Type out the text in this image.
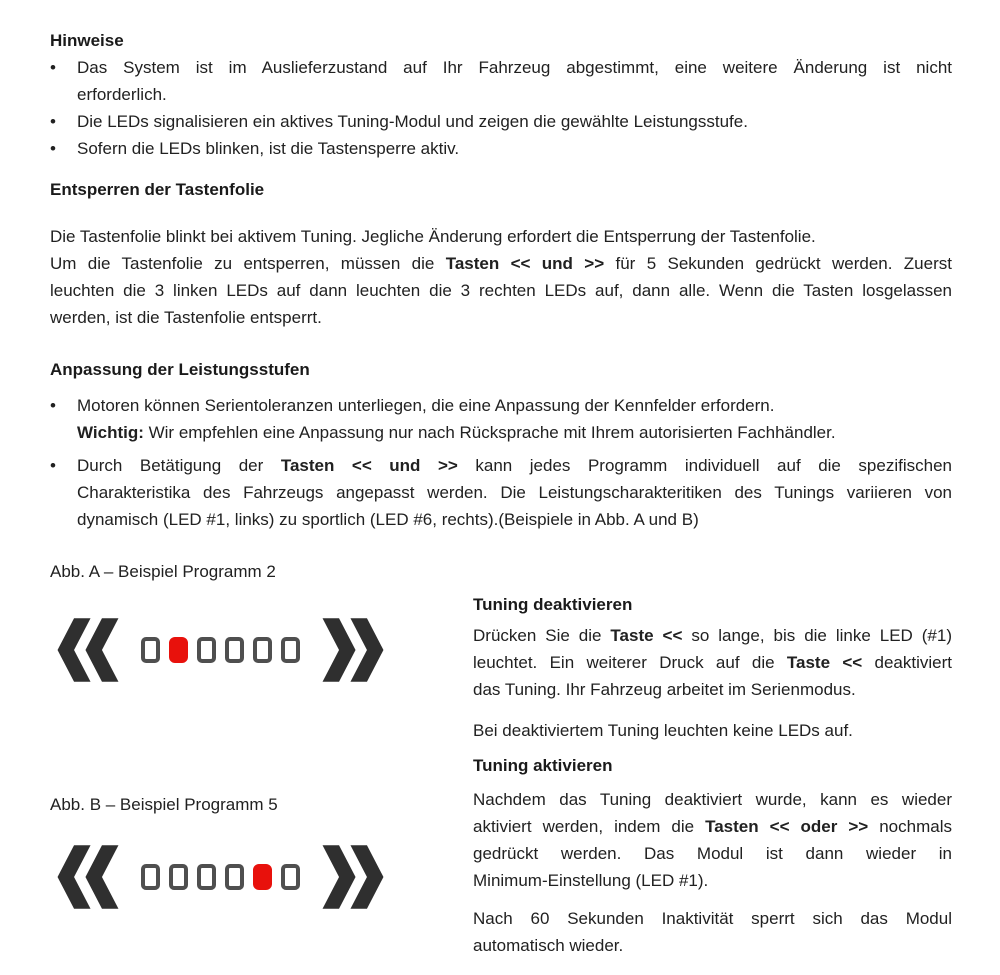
Hinweise
•
Das System ist im Auslieferzustand auf Ihr Fahrzeug abgestimmt, eine weitere Änderung ist nicht
erforderlich.
•
Die LEDs signalisieren ein aktives Tuning-Modul und zeigen die gewählte Leistungsstufe.
•
Sofern die LEDs blinken, ist die Tastensperre aktiv.
Entsperren der Tastenfolie
Die Tastenfolie blinkt bei aktivem Tuning. Jegliche Änderung erfordert die Entsperrung der Tastenfolie.
Um die Tastenfolie zu entsperren, müssen die Tasten << und >> für 5 Sekunden gedrückt werden. Zuerst
leuchten die 3 linken LEDs auf dann leuchten die 3 rechten LEDs auf, dann alle. Wenn die Tasten losgelassen
werden, ist die Tastenfolie entsperrt.
Anpassung der Leistungsstufen
•
Motoren können Serientoleranzen unterliegen, die eine Anpassung der Kennfelder erfordern.
Wichtig: Wir empfehlen eine Anpassung nur nach Rücksprache mit Ihrem autorisierten Fachhändler.
•
Durch Betätigung der Tasten << und >> kann jedes Programm individuell auf die spezifischen
Charakteristika des Fahrzeugs angepasst werden. Die Leistungscharakteritiken des Tunings variieren von
dynamisch (LED #1, links) zu sportlich (LED #6, rechts).(Beispiele in Abb. A und B)
Abb. A – Beispiel Programm 2
Abb. B – Beispiel Programm 5
Tuning deaktivieren
Drücken Sie die Taste << so lange, bis die linke LED (#1)
leuchtet. Ein weiterer Druck auf die Taste << deaktiviert
das Tuning. Ihr Fahrzeug arbeitet im Serienmodus.
Bei deaktiviertem Tuning leuchten keine LEDs auf.
Tuning aktivieren
Nachdem das Tuning deaktiviert wurde, kann es wieder
aktiviert werden, indem die Tasten << oder >> nochmals
gedrückt werden. Das Modul ist dann wieder in
Minimum-Einstellung (LED #1).
Nach 60 Sekunden Inaktivität sperrt sich das Modul
automatisch wieder.
